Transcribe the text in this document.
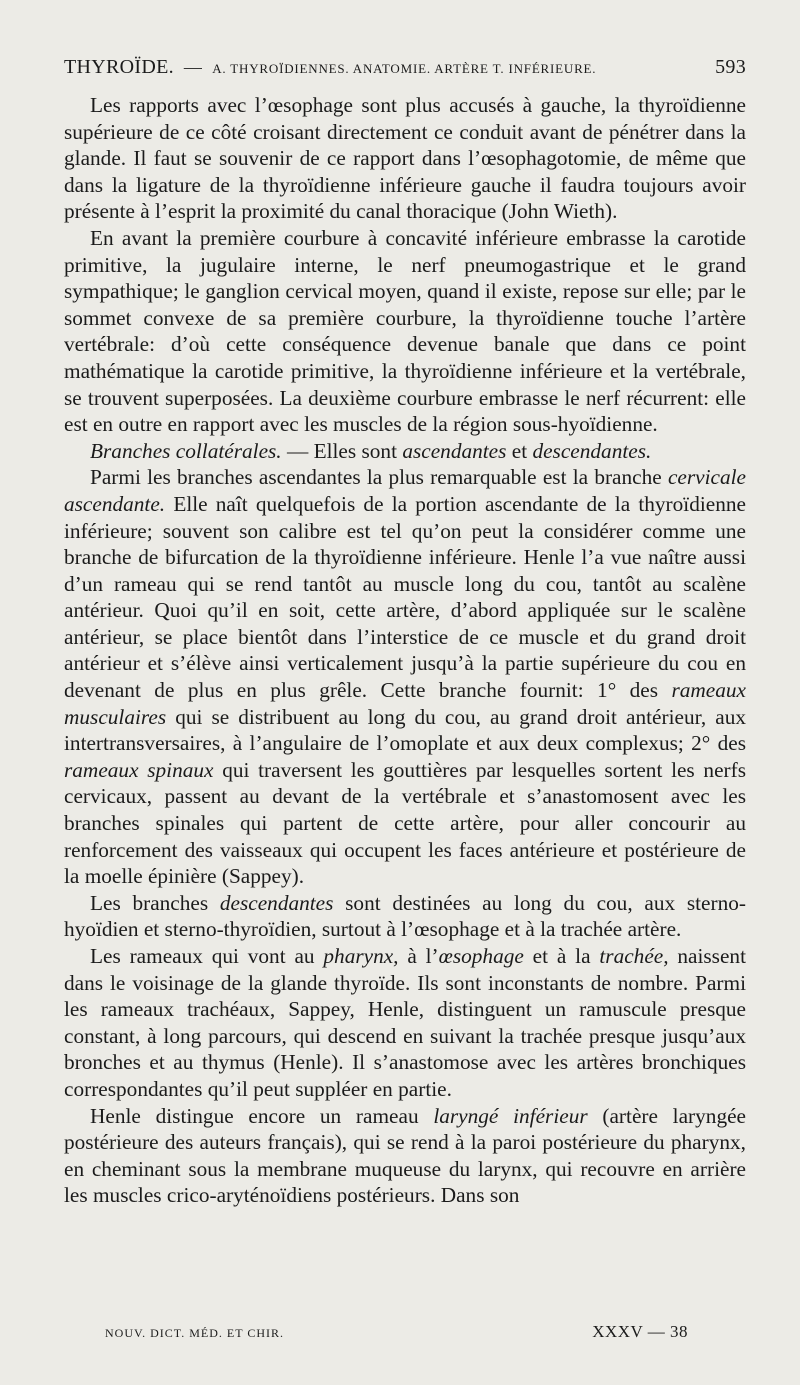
THYROÏDE. — A. THYROÏDIENNES. ANATOMIE. ARTÈRE T. INFÉRIEURE.	593

Les rapports avec l’œsophage sont plus accusés à gauche, la thyroïdienne supérieure de ce côté croisant directement ce conduit avant de pénétrer dans la glande. Il faut se souvenir de ce rapport dans l’œsophagotomie, de même que dans la ligature de la thyroïdienne inférieure gauche il faudra toujours avoir présente à l’esprit la proximité du canal thoracique (John Wieth).

En avant la première courbure à concavité inférieure embrasse la carotide primitive, la jugulaire interne, le nerf pneumogastrique et le grand sympathique; le ganglion cervical moyen, quand il existe, repose sur elle; par le sommet convexe de sa première courbure, la thyroïdienne touche l’artère vertébrale: d’où cette conséquence devenue banale que dans ce point mathématique la carotide primitive, la thyroïdienne inférieure et la vertébrale, se trouvent superposées. La deuxième courbure embrasse le nerf récurrent: elle est en outre en rapport avec les muscles de la région sous-hyoïdienne.

Branches collatérales. — Elles sont ascendantes et descendantes.

Parmi les branches ascendantes la plus remarquable est la branche cervicale ascendante. Elle naît quelquefois de la portion ascendante de la thyroïdienne inférieure; souvent son calibre est tel qu’on peut la considérer comme une branche de bifurcation de la thyroïdienne inférieure. Henle l’a vue naître aussi d’un rameau qui se rend tantôt au muscle long du cou, tantôt au scalène antérieur. Quoi qu’il en soit, cette artère, d’abord appliquée sur le scalène antérieur, se place bientôt dans l’interstice de ce muscle et du grand droit antérieur et s’élève ainsi verticalement jusqu’à la partie supérieure du cou en devenant de plus en plus grêle. Cette branche fournit: 1° des rameaux musculaires qui se distribuent au long du cou, au grand droit antérieur, aux intertransversaires, à l’angulaire de l’omoplate et aux deux complexus; 2° des rameaux spinaux qui traversent les gouttières par lesquelles sortent les nerfs cervicaux, passent au devant de la vertébrale et s’anastomosent avec les branches spinales qui partent de cette artère, pour aller concourir au renforcement des vaisseaux qui occupent les faces antérieure et postérieure de la moelle épinière (Sappey).

Les branches descendantes sont destinées au long du cou, aux sterno-hyoïdien et sterno-thyroïdien, surtout à l’œsophage et à la trachée artère.

Les rameaux qui vont au pharynx, à l’œsophage et à la trachée, naissent dans le voisinage de la glande thyroïde. Ils sont inconstants de nombre. Parmi les rameaux trachéaux, Sappey, Henle, distinguent un ramuscule presque constant, à long parcours, qui descend en suivant la trachée presque jusqu’aux bronches et au thymus (Henle). Il s’anastomose avec les artères bronchiques correspondantes qu’il peut suppléer en partie.

Henle distingue encore un rameau laryngé inférieur (artère laryngée postérieure des auteurs français), qui se rend à la paroi postérieure du pharynx, en cheminant sous la membrane muqueuse du larynx, qui recouvre en arrière les muscles crico-aryténoïdiens postérieurs. Dans son

NOUV. DICT. MÉD. ET CHIR.	XXXV — 38
